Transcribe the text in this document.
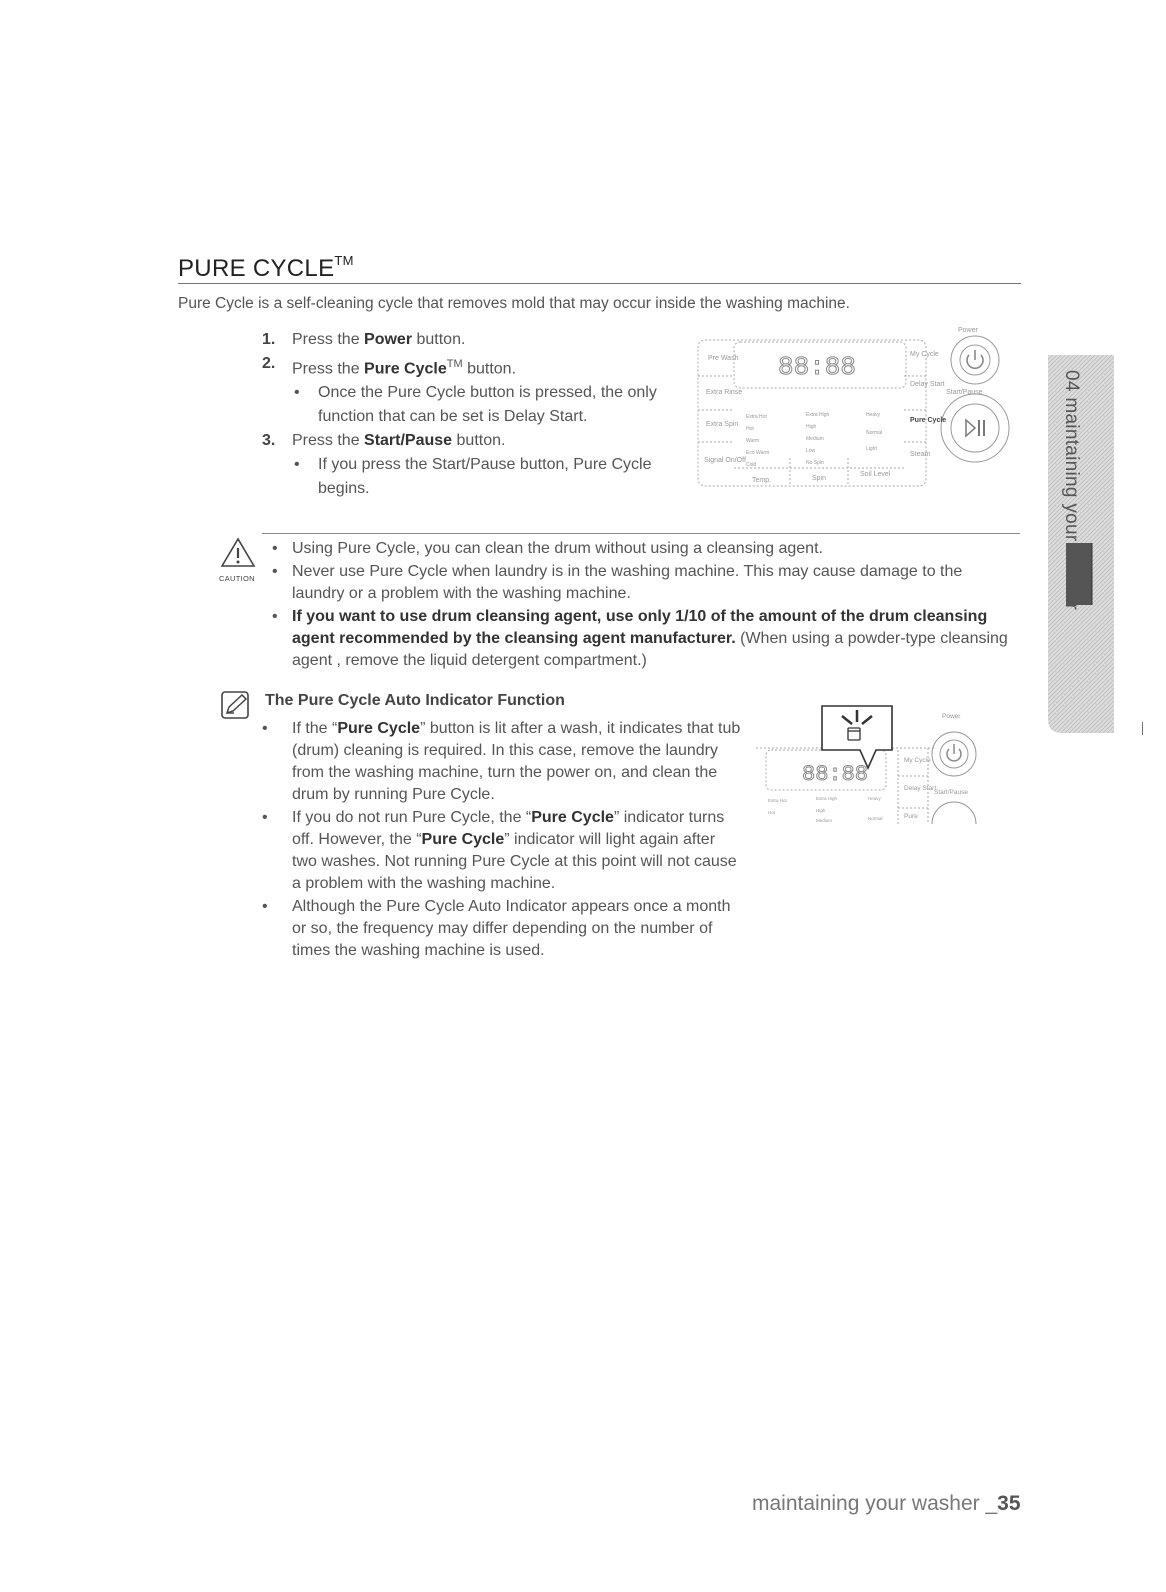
PURE CYCLE™
Pure Cycle is a self-cleaning cycle that removes mold that may occur inside the washing machine.
1. Press the Power button.
2. Press the Pure Cycle™ button.
• Once the Pure Cycle button is pressed, the only function that can be set is Delay Start.
3. Press the Start/Pause button.
• If you press the Start/Pause button, Pure Cycle begins.
Power
Start/Pause
Pre Wash
Extra Rinse
Extra Spin
Signal On/Off
My Cycle
Delay Start
Pure Cycle
Steam
Temp.	Spin
Soil Level
Extra Hot
Hot
Warm
Eco Warm
Cold
Extra High
High
Medium
Low
No Spin
Heavy
Normal
Light
88:88
CAUTION
• Using Pure Cycle, you can clean the drum without using a cleansing agent.
• Never use Pure Cycle when laundry is in the washing machine. This may cause damage to the laundry or a problem with the washing machine.
• If you want to use drum cleansing agent, use only 1/10 of the amount of the drum cleansing agent recommended by the cleansing agent manufacturer. (When using a powder-type cleansing agent , remove the liquid detergent compartment.)
The Pure Cycle Auto Indicator Function
• If the “Pure Cycle” button is lit after a wash, it indicates that tub (drum) cleaning is required. In this case, remove the laundry from the washing machine, turn the power on, and clean the drum by running Pure Cycle.
• If you do not run Pure Cycle, the “Pure Cycle” indicator turns off. However, the “Pure Cycle” indicator will light again after two washes. Not running Pure Cycle at this point will not cause a problem with the washing machine.
• Although the Pure Cycle Auto Indicator appears once a month or so, the frequency may differ depending on the number of times the washing machine is used.
88:88
Power
Start/Pause
My Cycle
Delay Start
Pure
Extra Hot
Hot
Extra High
High
Medium
Heavy
Normal
04 maintaining your washer
maintaining your washer _35
